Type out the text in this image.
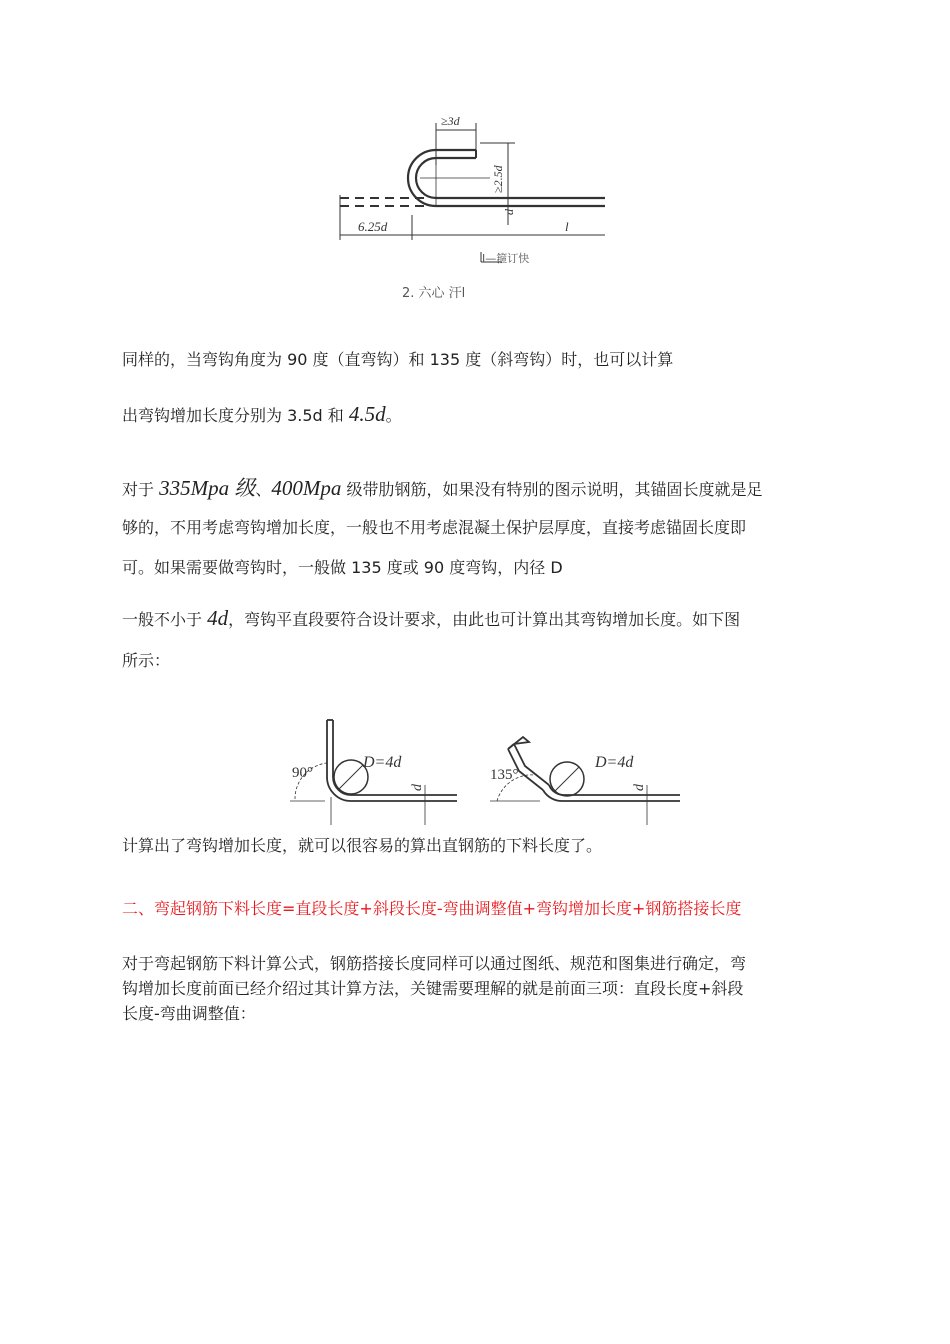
≥3d
≥2.5d
d
6.25d	l
I—箍订快
2. 六心 汗l
同样的，当弯钩角度为 90 度（直弯钩）和 135 度（斜弯钩）时，也可以计算
出弯钩增加长度分别为 3.5d 和 4.5d。
对于 335Mpa 级、400Mpa 级带肋钢筋，如果没有特别的图示说明，其锚固长度就是足
够的，不用考虑弯钩增加长度，一般也不用考虑混凝土保护层厚度，直接考虑锚固长度即
可。如果需要做弯钩时，一般做 135 度或 90 度弯钩，内径 D
一般不小于 4d，弯钩平直段要符合设计要求，由此也可计算出其弯钩增加长度。如下图
所示：
90°
D=4d
d
135°
D=4d
d
计算出了弯钩增加长度，就可以很容易的算出直钢筋的下料长度了。
二、弯起钢筋下料长度=直段长度+斜段长度-弯曲调整值+弯钩增加长度+钢筋搭接长度
对于弯起钢筋下料计算公式，钢筋搭接长度同样可以通过图纸、规范和图集进行确定，弯
钩增加长度前面已经介绍过其计算方法，关键需要理解的就是前面三项：直段长度+斜段
长度-弯曲调整值：
